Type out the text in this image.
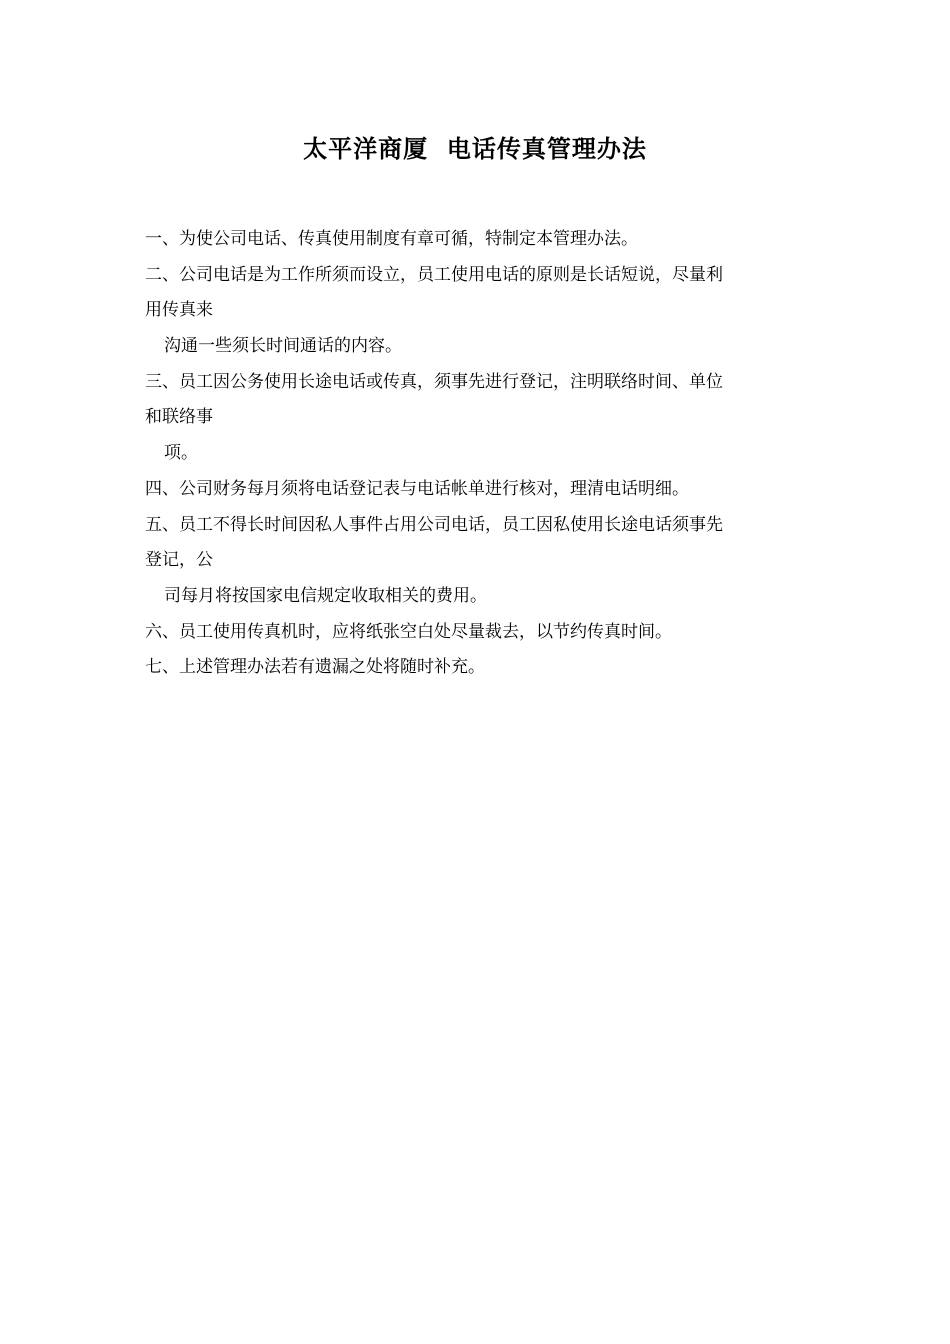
太平洋商厦  电话传真管理办法
一、为使公司电话、传真使用制度有章可循，特制定本管理办法。
二、公司电话是为工作所须而设立，员工使用电话的原则是长话短说，尽量利
用传真来
沟通一些须长时间通话的内容。
三、员工因公务使用长途电话或传真，须事先进行登记，注明联络时间、单位
和联络事
项。
四、公司财务每月须将电话登记表与电话帐单进行核对，理清电话明细。
五、员工不得长时间因私人事件占用公司电话，员工因私使用长途电话须事先
登记，公
司每月将按国家电信规定收取相关的费用。
六、员工使用传真机时，应将纸张空白处尽量裁去，以节约传真时间。
七、上述管理办法若有遗漏之处将随时补充。
